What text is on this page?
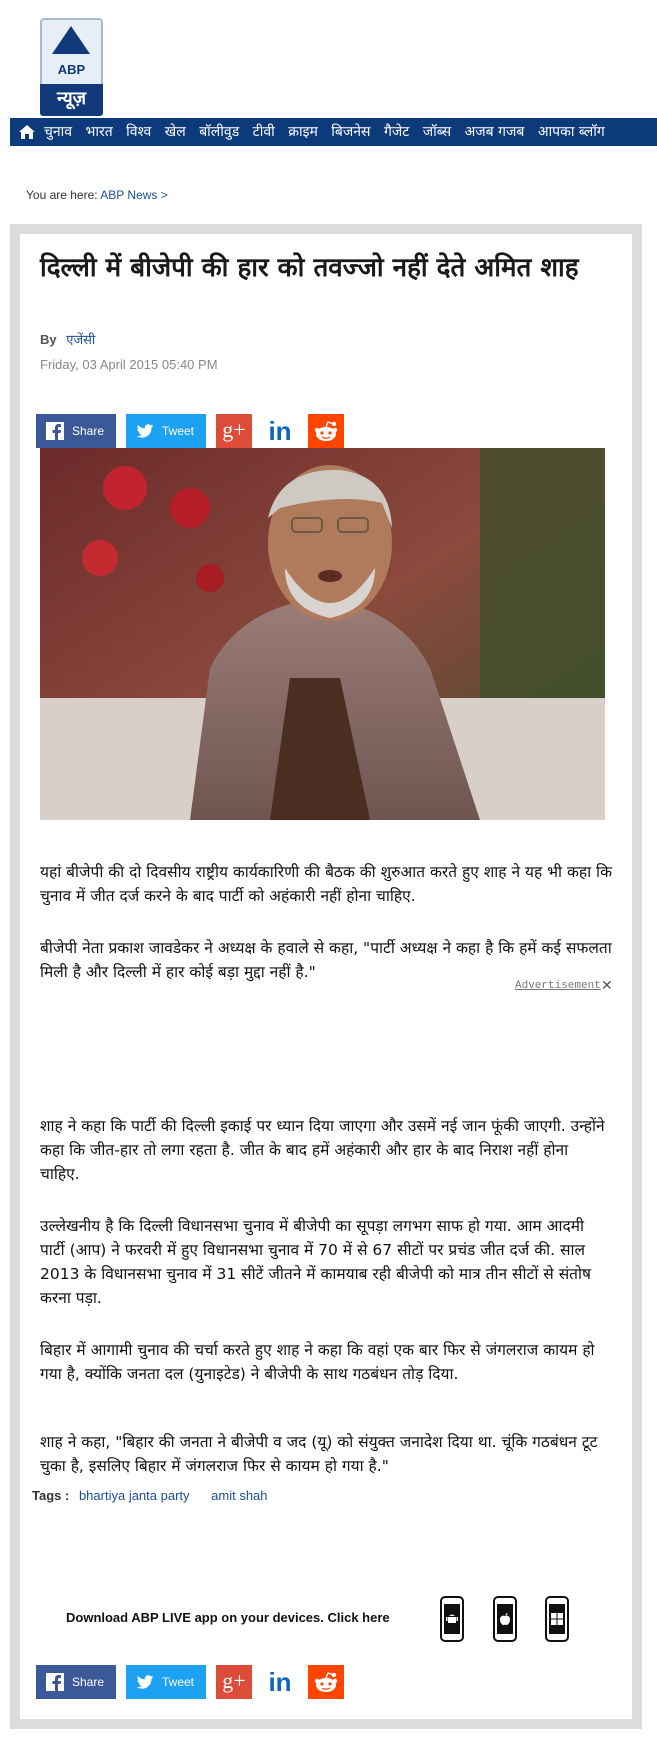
ABP
न्यूज़
चुनाव भारत विश्व खेल बॉलीवुड टीवी क्राइम बिजनेस गैजेट जॉब्स अजब गजब आपका ब्लॉग
You are here: ABP News >
दिल्ली में बीजेपी की हार को तवज्जो नहीं देते अमित शाह
By एजेंसी
Friday, 03 April 2015 05:40 PM
Share	Tweet g+ in

यहां बीजेपी की दो दिवसीय राष्ट्रीय कार्यकारिणी की बैठक की शुरुआत करते हुए शाह ने यह भी कहा कि चुनाव में जीत दर्ज करने के बाद पार्टी को अहंकारी नहीं होना चाहिए.

बीजेपी नेता प्रकाश जावडेकर ने अध्यक्ष के हवाले से कहा, "पार्टी अध्यक्ष ने कहा है कि हमें कई सफलता मिली है और दिल्ली में हार कोई बड़ा मुद्दा नहीं है."

Advertisement ✕

शाह ने कहा कि पार्टी की दिल्ली इकाई पर ध्यान दिया जाएगा और उसमें नई जान फूंकी जाएगी. उन्होंने कहा कि जीत-हार तो लगा रहता है. जीत के बाद हमें अहंकारी और हार के बाद निराश नहीं होना चाहिए.

उल्लेखनीय है कि दिल्ली विधानसभा चुनाव में बीजेपी का सूपड़ा लगभग साफ हो गया. आम आदमी पार्टी (आप) ने फरवरी में हुए विधानसभा चुनाव में 70 में से 67 सीटों पर प्रचंड जीत दर्ज की. साल 2013 के विधानसभा चुनाव में 31 सीटें जीतने में कामयाब रही बीजेपी को मात्र तीन सीटों से संतोष करना पड़ा.

बिहार में आगामी चुनाव की चर्चा करते हुए शाह ने कहा कि वहां एक बार फिर से जंगलराज कायम हो गया है, क्योंकि जनता दल (युनाइटेड) ने बीजेपी के साथ गठबंधन तोड़ दिया.

शाह ने कहा, "बिहार की जनता ने बीजेपी व जद (यू) को संयुक्त जनादेश दिया था. चूंकि गठबंधन टूट चुका है, इसलिए बिहार में जंगलराज फिर से कायम हो गया है."

Tags : bhartiya janta party amit shah
Download ABP LIVE app on your devices. Click here
Share	Tweet g+ in
